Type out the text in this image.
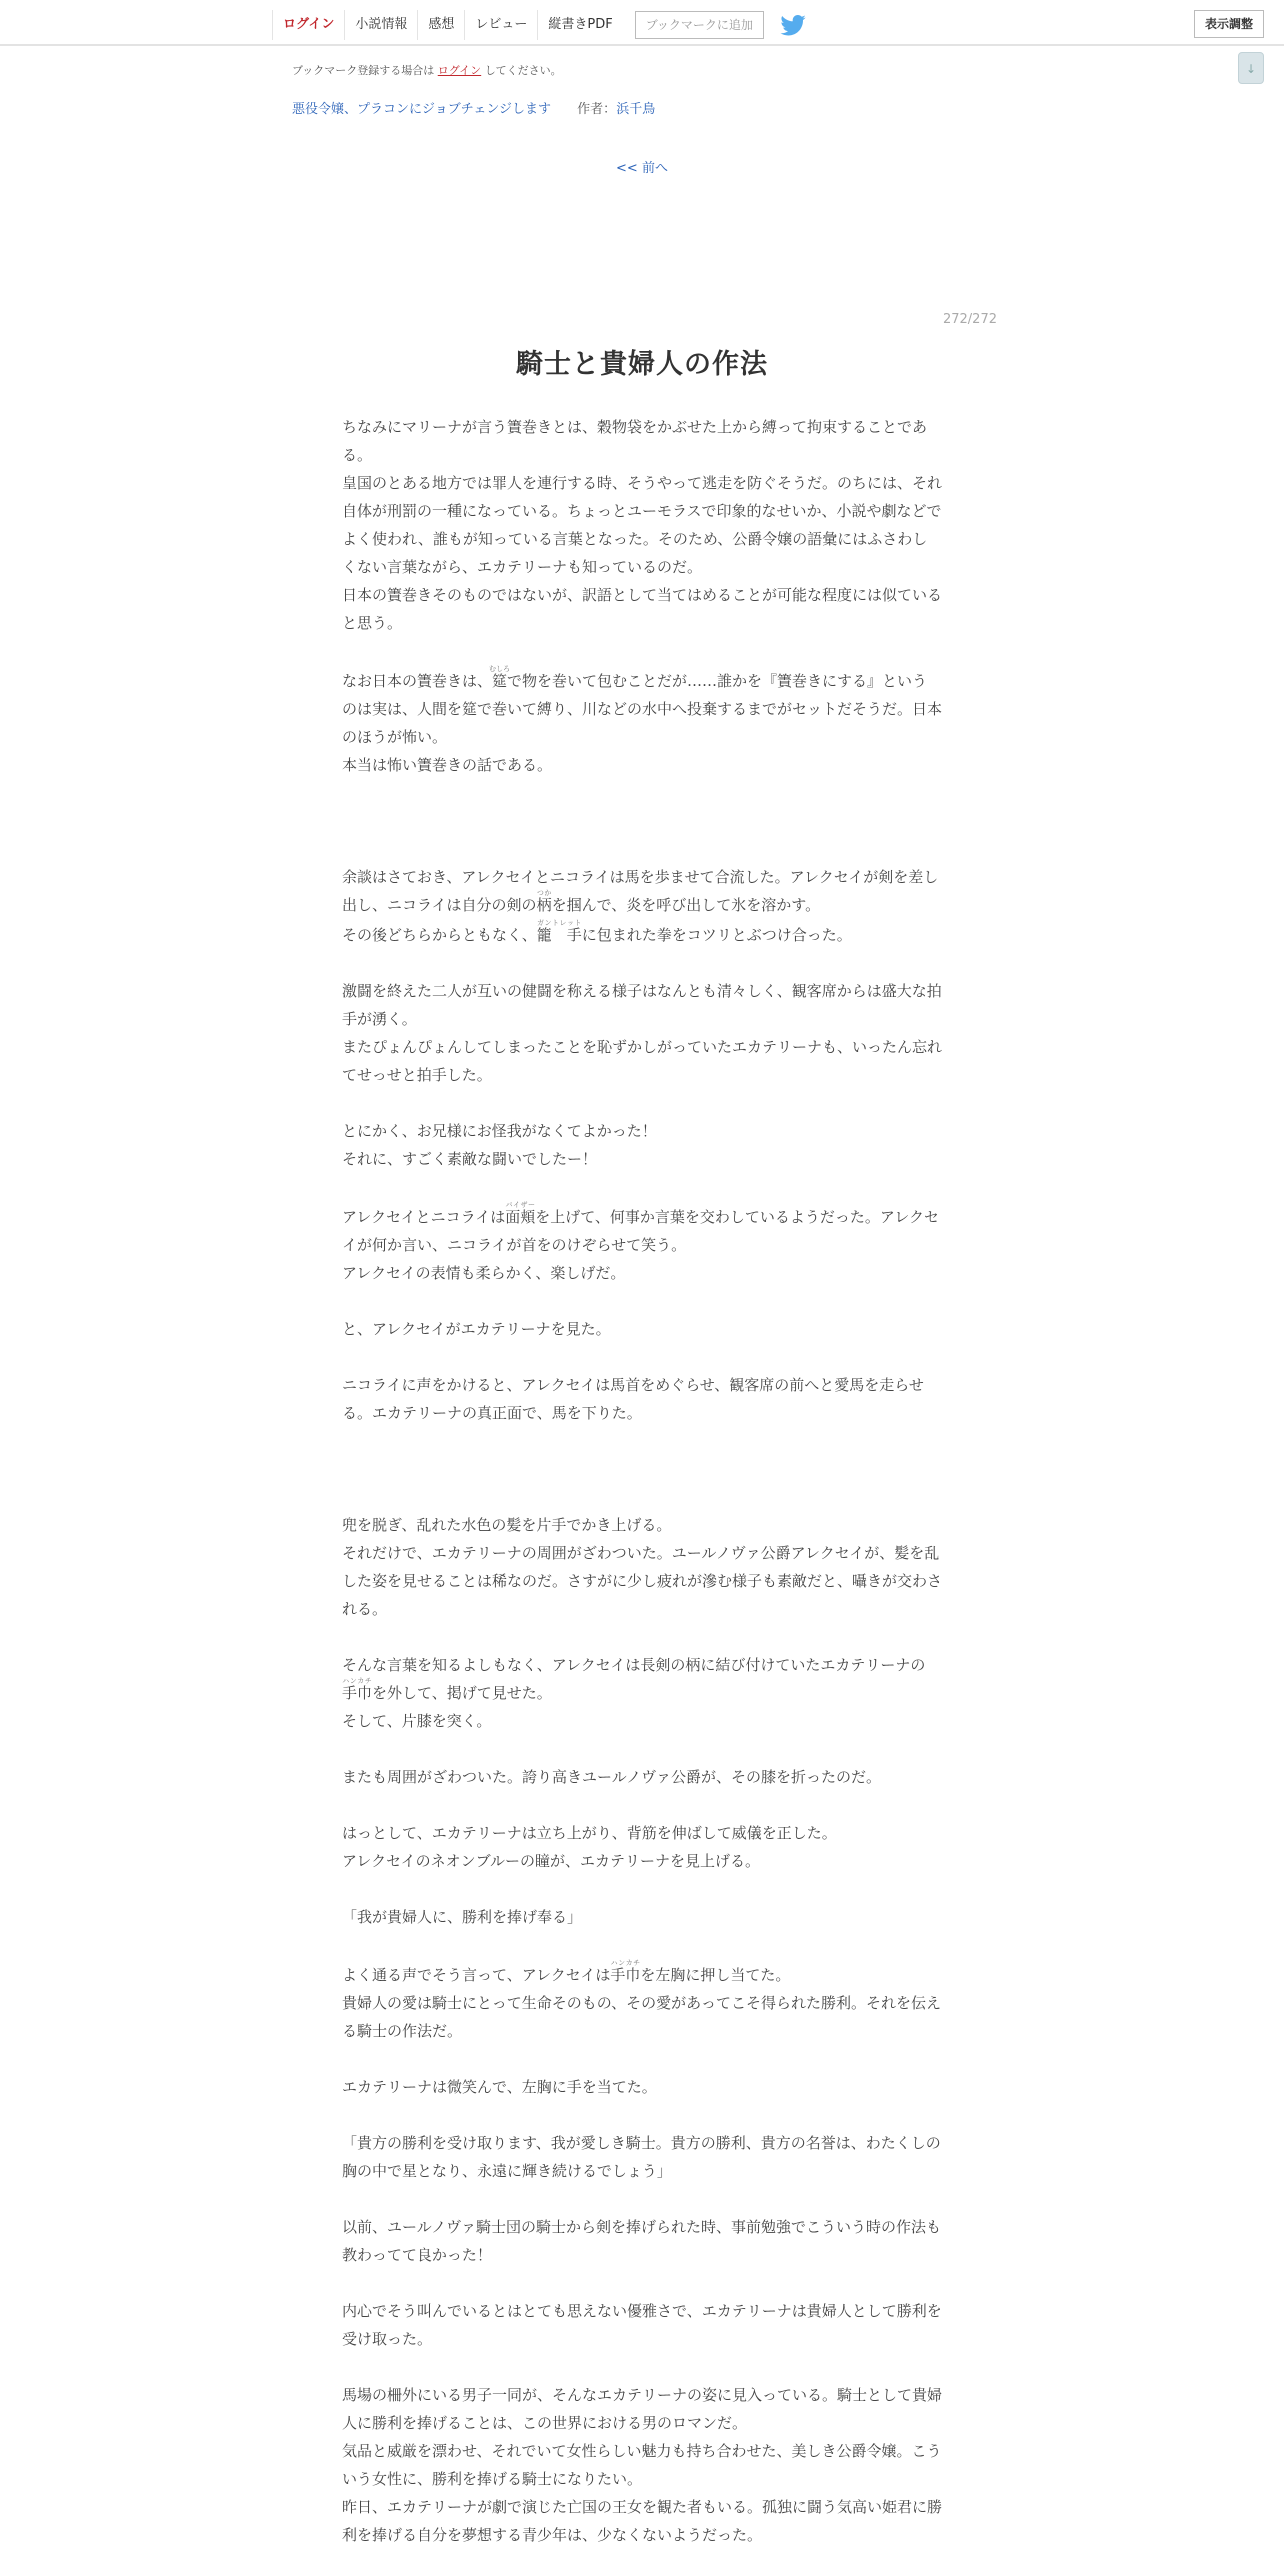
ログイン	小説情報	感想	レビュー	縦書きPDF	ブックマークに追加	表示調整
↓
ブックマーク登録する場合は ログイン してください。
悪役令嬢、プラコンにジョブチェンジします 作者：浜千鳥
<< 前へ
272/272
騎士と貴婦人の作法

ちなみにマリーナが言う簀巻きとは、穀物袋をかぶせた上から縛って拘束することである。

皇国のとある地方では罪人を連行する時、そうやって逃走を防ぐそうだ。のちには、それ自体が刑罰の一種になっている。ちょっとユーモラスで印象的なせいか、小説や劇などでよく使われ、誰もが知っている言葉となった。そのため、公爵令嬢の語彙にはふさわしくない言葉ながら、エカテリーナも知っているのだ。

日本の簀巻きそのものではないが、訳語として当てはめることが可能な程度には似ていると思う。

なお日本の簀巻きは、筵むしろで物を巻いて包むことだが……誰かを『簀巻きにする』というのは実は、人間を筵で巻いて縛り、川などの水中へ投棄するまでがセットだそうだ。日本のほうが怖い。

本当は怖い簀巻きの話である。

余談はさておき、アレクセイとニコライは馬を歩ませて合流した。アレクセイが剣を差し出し、ニコライは自分の剣の柄つかを掴んで、炎を呼び出して氷を溶かす。

その後どちらからともなく、籠　手ガントレットに包まれた拳をコツリとぶつけ合った。

激闘を終えた二人が互いの健闘を称える様子はなんとも清々しく、観客席からは盛大な拍手が湧く。

またぴょんぴょんしてしまったことを恥ずかしがっていたエカテリーナも、いったん忘れてせっせと拍手した。

とにかく、お兄様にお怪我がなくてよかった！

それに、すごく素敵な闘いでしたー！

アレクセイとニコライは面頬バイザーを上げて、何事か言葉を交わしているようだった。アレクセイが何か言い、ニコライが首をのけぞらせて笑う。

アレクセイの表情も柔らかく、楽しげだ。

と、アレクセイがエカテリーナを見た。

ニコライに声をかけると、アレクセイは馬首をめぐらせ、観客席の前へと愛馬を走らせる。エカテリーナの真正面で、馬を下りた。

兜を脱ぎ、乱れた水色の髪を片手でかき上げる。

それだけで、エカテリーナの周囲がざわついた。ユールノヴァ公爵アレクセイが、髪を乱した姿を見せることは稀なのだ。さすがに少し疲れが滲む様子も素敵だと、囁きが交わされる。

そんな言葉を知るよしもなく、アレクセイは長剣の柄に結び付けていたエカテリーナの手巾ハンカチを外して、掲げて見せた。

そして、片膝を突く。

またも周囲がざわついた。誇り高きユールノヴァ公爵が、その膝を折ったのだ。

はっとして、エカテリーナは立ち上がり、背筋を伸ばして威儀を正した。

アレクセイのネオンブルーの瞳が、エカテリーナを見上げる。

「我が貴婦人に、勝利を捧げ奉る」

よく通る声でそう言って、アレクセイは手巾ハンカチを左胸に押し当てた。

貴婦人の愛は騎士にとって生命そのもの、その愛があってこそ得られた勝利。それを伝える騎士の作法だ。

エカテリーナは微笑んで、左胸に手を当てた。

「貴方の勝利を受け取ります、我が愛しき騎士。貴方の勝利、貴方の名誉は、わたくしの胸の中で星となり、永遠に輝き続けるでしょう」

以前、ユールノヴァ騎士団の騎士から剣を捧げられた時、事前勉強でこういう時の作法も教わってて良かった！

内心でそう叫んでいるとはとても思えない優雅さで、エカテリーナは貴婦人として勝利を受け取った。

馬場の柵外にいる男子一同が、そんなエカテリーナの姿に見入っている。騎士として貴婦人に勝利を捧げることは、この世界における男のロマンだ。

気品と威厳を漂わせ、それでいて女性らしい魅力も持ち合わせた、美しき公爵令嬢。こういう女性に、勝利を捧げる騎士になりたい。

昨日、エカテリーナが劇で演じた亡国の王女を観た者もいる。孤独に闘う気高い姫君に勝利を捧げる自分を夢想する青少年は、少なくないようだった。
